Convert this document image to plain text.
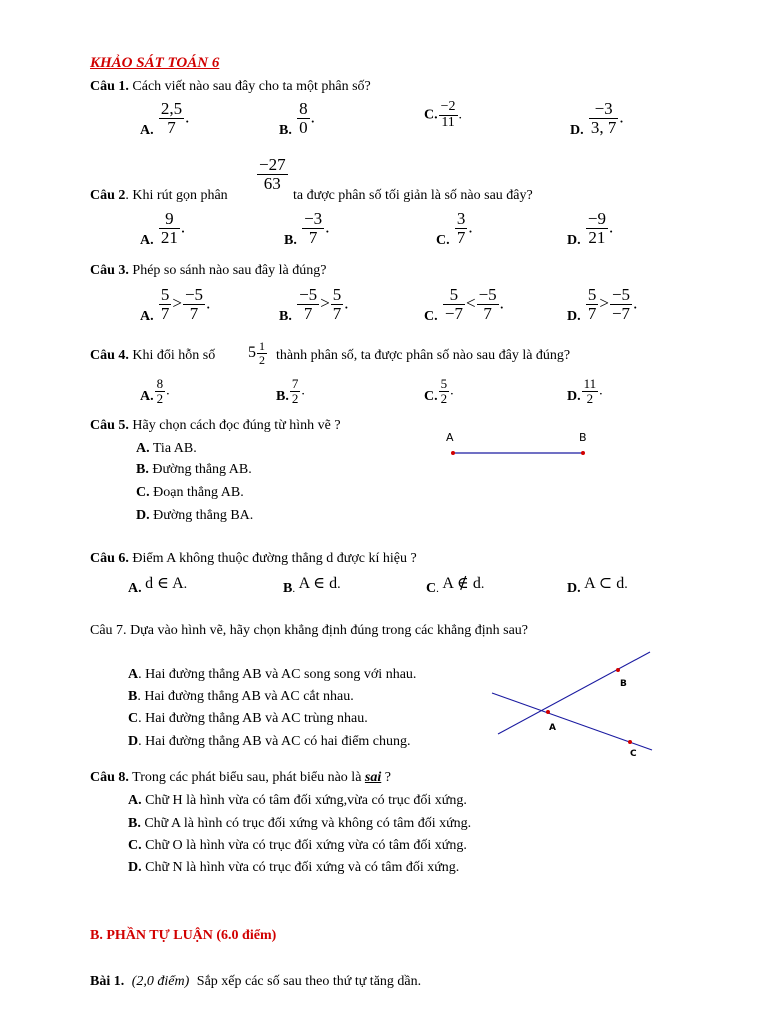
KHẢO SÁT TOÁN 6
Câu 1. Cách viết nào sau đây cho ta một phân số?
$_{A.} \frac{2,5}{7}$ .
$_{B.} \frac{8}{0}$ .	C. $\frac{-2}{11}$ .
$_{D.} \frac{-3}{3, 7}$ .
$\frac{-27}{63}$
Câu 2. Khi rút gọn phân	ta được phân số tối giản là số nào sau đây?
$_{A.} \frac{9}{21}$ .
$_{B.} \frac{-3}{7}$ .
$_{C.} \frac{3}{7}$ .
$_{D.} \frac{-9}{21}$ .
Câu 3. Phép so sánh nào sau đây là đúng?
$_{A.} \frac{5}{7} > \frac{-5}{7}$ .
$_{B.} \frac{-5}{7} > \frac{5}{7}$ .
$_{C.} \frac{5}{-7} < \frac{-5}{7}$ .
$_{D.} \frac{5}{7} > \frac{-5}{-7}$ .
Câu 4. Khi đổi hỗn số $5 \frac{1}{2}$ thành phân số, ta được phân số nào sau đây là đúng?
A. $\frac{8}{2}$ .	B. $\frac{7}{2}$ .	C. $\frac{5}{2}$ .	D. $\frac{11}{2}$ .
Câu 5. Hãy chọn cách đọc đúng từ hình vẽ ?
A. Tia AB.
B. Đường thẳng AB.
C. Đoạn thẳng AB.
D. Đường thẳng BA.
A	B
Câu 6. Điểm A không thuộc đường thẳng d được kí hiệu ?
A. d ∈ A.	$B_.$ A ∈ d.	$C_.$ A ∉ d.	D. A ⊂ d.
Câu 7. Dựa vào hình vẽ, hãy chọn khẳng định đúng trong các khẳng định sau?
A. Hai đường thẳng AB và AC song song với nhau.
B. Hai đường thẳng AB và AC cắt nhau.
C. Hai đường thẳng AB và AC trùng nhau.
D. Hai đường thẳng AB và AC có hai điểm chung.
A
B
C
Câu 8. Trong các phát biểu sau, phát biểu nào là sai ?
A. Chữ H là hình vừa có tâm đối xứng,vừa có trục đối xứng.
B. Chữ A là hình có trục đối xứng và không có tâm đối xứng.
C. Chữ O là hình vừa có trục đối xứng vừa có tâm đối xứng.
D. Chữ N là hình vừa có trục đối xứng và có tâm đối xứng.
B. PHẦN TỰ LUẬN (6.0 điểm)
Bài 1. (2,0 điểm) Sắp xếp các số sau theo thứ tự tăng dần.
